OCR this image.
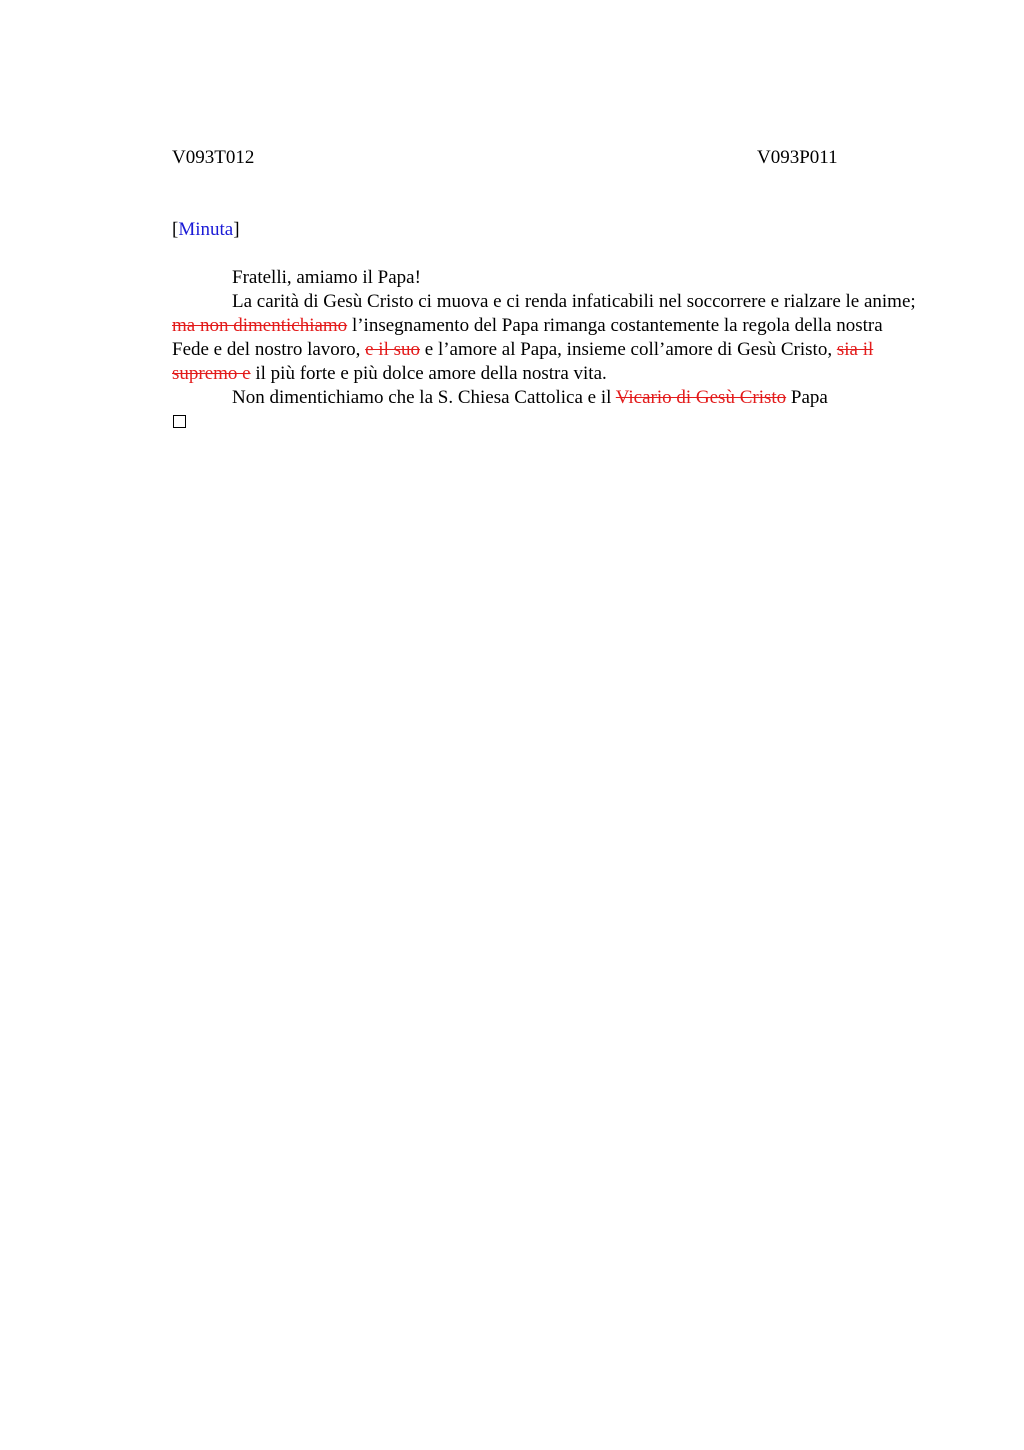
V093T012	V093P011
[Minuta]

Fratelli, amiamo il Papa!

La carità di Gesù Cristo ci muova e ci renda infaticabili nel soccorrere e rialzare le anime; ma non dimentichiamo l’insegnamento del Papa rimanga costantemente la regola della nostra Fede e del nostro lavoro, e il suo e l’amore al Papa, insieme coll’amore di Gesù Cristo, sia il supremo e il più forte e più dolce amore della nostra vita.

Non dimentichiamo che la S. Chiesa Cattolica e il Vicario di Gesù Cristo Papa
